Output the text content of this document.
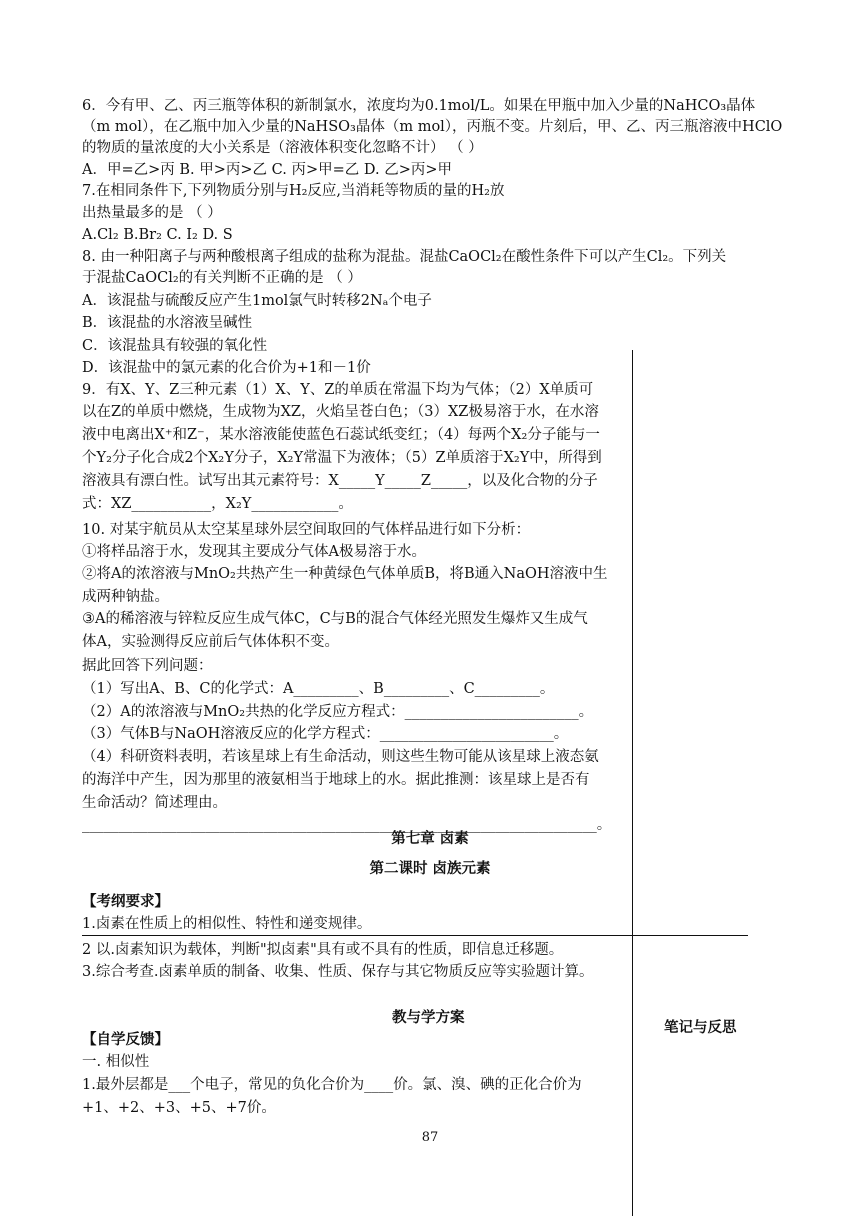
6．今有甲、乙、丙三瓶等体积的新制氯水，浓度均为0.1mol/L。如果在甲瓶中加入少量的NaHCO₃晶体
（m mol），在乙瓶中加入少量的NaHSO₃晶体（m mol），丙瓶不变。片刻后，甲、乙、丙三瓶溶液中HClO
的物质的量浓度的大小关系是（溶液体积变化忽略不计） （ ）
A．甲=乙>丙 B. 甲>丙>乙 C. 丙>甲=乙 D. 乙>丙>甲
7.在相同条件下,下列物质分别与H₂反应,当消耗等物质的量的H₂放
出热量最多的是 （ ）
A.Cl₂ B.Br₂ C. I₂ D. S
8. 由一种阳离子与两种酸根离子组成的盐称为混盐。混盐CaOCl₂在酸性条件下可以产生Cl₂。下列关
于混盐CaOCl₂的有关判断不正确的是 （ ）
A．该混盐与硫酸反应产生1mol氯气时转移2Nₐ个电子
B．该混盐的水溶液呈碱性
C．该混盐具有较强的氧化性
D．该混盐中的氯元素的化合价为+1和－1价
9．有X、Y、Z三种元素（1）X、Y、Z的单质在常温下均为气体；（2）X单质可
以在Z的单质中燃烧，生成物为XZ，火焰呈苍白色；（3）XZ极易溶于水，在水溶
液中电离出X⁺和Z⁻，某水溶液能使蓝色石蕊试纸变红；（4）每两个X₂分子能与一
个Y₂分子化合成2个X₂Y分子，X₂Y常温下为液体；（5）Z单质溶于X₂Y中，所得到
溶液具有漂白性。试写出其元素符号：X_____Y_____Z_____，以及化合物的分子
式：XZ___________，X₂Y____________。
10. 对某宇航员从太空某星球外层空间取回的气体样品进行如下分析：
①将样品溶于水，发现其主要成分气体A极易溶于水。
②将A的浓溶液与MnO₂共热产生一种黄绿色气体单质B，将B通入NaOH溶液中生
成两种钠盐。
③A的稀溶液与锌粒反应生成气体C，C与B的混合气体经光照发生爆炸又生成气
体A，实验测得反应前后气体体积不变。
据此回答下列问题：
（1）写出A、B、C的化学式：A_________、B_________、C_________。
（2）A的浓溶液与MnO₂共热的化学反应方程式：________________________。
（3）气体B与NaOH溶液反应的化学方程式：________________________。
（4）科研资料表明，若该星球上有生命活动，则这些生物可能从该星球上液态氨
的海洋中产生，因为那里的液氨相当于地球上的水。据此推测：该星球上是否有
生命活动？简述理由。
_______________________________________________________________________。
第七章 卤素
第二课时 卤族元素
【考纲要求】
1.卤素在性质上的相似性、特性和递变规律。
2 以.卤素知识为载体，判断"拟卤素"具有或不具有的性质，即信息迁移题。
3.综合考查.卤素单质的制备、收集、性质、保存与其它物质反应等实验题计算。
教与学方案
笔记与反思
【自学反馈】
一. 相似性
1.最外层都是___个电子，常见的负化合价为____价。氯、溴、碘的正化合价为
+1、+2、+3、+5、+7价。
87
